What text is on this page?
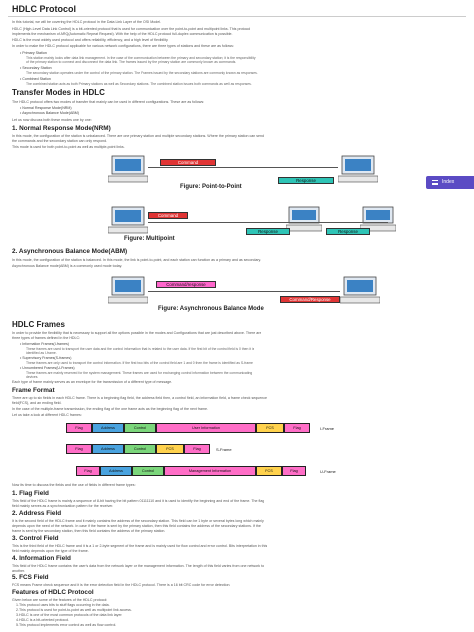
HDLC Protocol
In this tutorial, we will be covering the HDLC protocol in the Data Link Layer of the OSI Model.
HDLC (High-Level Data Link Control) is a bit-oriented protocol that is used for communication over the point-to-point and multipoint links. This protocol
implements the mechanism of ARQ(Automatic Repeat Request). With the help of the HDLC protocol full-duplex communication is possible.
HDLC is the most widely used protocol and offers reliability, efficiency, and a high level of flexibility.
In order to make the HDLC protocol applicable for various network configurations, there are three types of stations and these are as follows:
• Primary Station
This station mainly looks after data link management. In the case of the communication between the primary and secondary station; it is the responsibility
of the primary station to connect and disconnect the data link. The frames issued by the primary station are commonly known as commands.
• Secondary Station
The secondary station operates under the control of the primary station. The Frames issued by the secondary stations are commonly known as responses.
• Combined Station
The combined station acts as both Primary stations as well as Secondary stations. The combined station issues both commands as well as responses.
Transfer Modes in HDLC
The HDLC protocol offers two modes of transfer that mainly can be used in different configurations. These are as follows:
• Normal Response Mode(NRM)
• Asynchronous Balance Mode(ABM)
Let us now discuss both these modes one by one:
1. Normal Response Mode(NRM)
In this mode, the configuration of the station is unbalanced. There are one primary station and multiple secondary stations. Where the primary station can send
the commands and the secondary station can only respond.
This mode is used for both point-to-point as well as multiple-point links.
Command
Response
Figure: Point-to-Point
Index
Command
Response	Response
Figure: Multipoint
2. Asynchronous Balance Mode(ABM)
In this mode, the configuration of the station is balanced. In this mode, the link is point-to-point, and each station can function as a primary and as secondary.
Asynchronous Balance mode(ABM) is a commonly used mode today.
Command/response
Command/Response
Figure: Asynchronous Balance Mode
HDLC Frames
In order to provide the flexibility that is necessary to support all the options possible in the modes and Configurations that are just described above. There are
three types of frames defined in the HDLC:
• Information Frames(I-frames)
These frames are used to transport the user data and the control information that is related to the user data. If the first bit of the control field is 0 then it is
identified as I-frame.
• Supervisory Frames(S-frames)
These frames are only used to transport the control information. If the first two bits of the control field are 1 and 0 then the frame is identified as S-frame
• Unnumbered Frames(U-Frames)
These frames are mainly reserved for the system management. These frames are used for exchanging control information between the communicating
devices.
Each type of frame mainly serves as an envelope for the transmission of a different type of message.
Frame Format
There are up to six fields in each HDLC frame. There is a beginning flag field, the address field then, a control field, an information field, a frame check sequence
field(FCS), and an ending field.
In the case of the multiple-frame transmission, the ending flag of the one frame acts as the beginning flag of the next frame.
Let us take a look at different HDLC frames:
Flag	Address	Control	User Information	FCS	Flag	I-Frame
Flag	Address	Control	FCS	Flag	S-Frame
Flag	Address	Control	Management Information	FCS	Flag	U-Frame
Now its time to discuss the fields and the use of fields in different frame types:
1. Flag Field
This field of the HDLC frame is mainly a sequence of 8-bit having the bit pattern 01111110 and it is used to identify the beginning and end of the frame. The flag
field mainly serves as a synchronization pattern for the receiver.
2. Address Field
It is the second field of the HDLC frame and it mainly contains the address of the secondary station. This field can be 1 byte or several bytes long which mainly
depends upon the need of the network. In case if the frame is sent by the primary station, then this field contains the address of the secondary stations. If the
frame is sent by the secondary station, then this field contains the address of the primary station.
3. Control Field
This is the third field of the HDLC frame and it is a 1 or 2-byte segment of the frame and is mainly used for flow control and error control. Bits interpretation in this
field mainly depends upon the type of the frame.
4. Information Field
This field of the HDLC frame contains the user's data from the network layer or the management information. The length of this field varies from one network to
another.
5. FCS Field
FCS means Frame check sequence and it is the error detection field in the HDLC protocol. There is a 16 bit CRC code for error detection.
Features of HDLC Protocol
Given below are some of the features of the HDLC protocol:
1.This protocol uses bits to stuff flags occurring in the data.
2.This protocol is used for point-to-point as well as multipoint link access.
3.HDLC is one of the most common protocols of the data link layer.
4.HDLC is a bit-oriented protocol.
5.This protocol implements error control as well as flow control.
